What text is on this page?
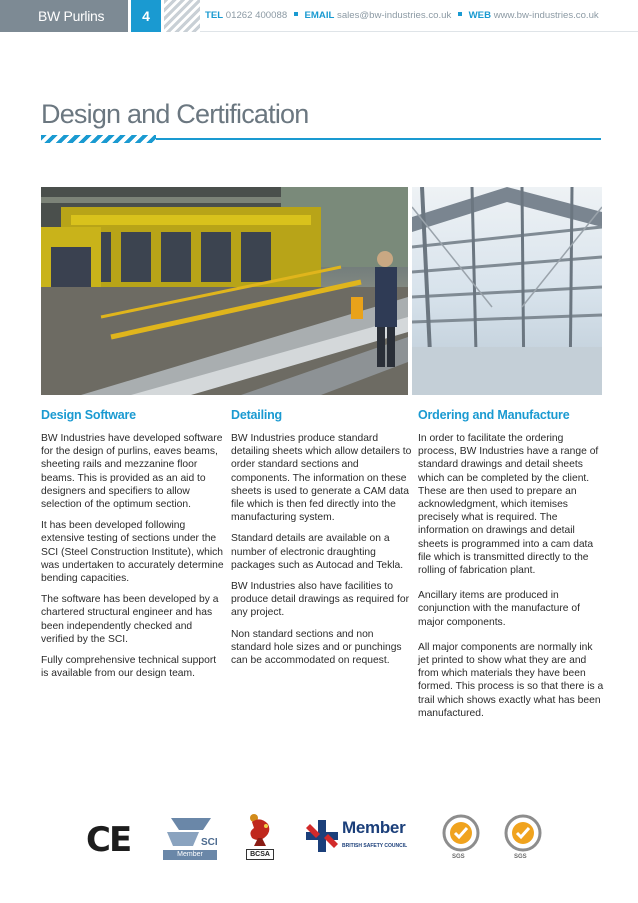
BW Purlins	4	TEL 01262 400088 EMAIL sales@bw-industries.co.uk WEB www.bw-industries.co.uk
Design and Certification
Design Software

BW Industries have developed software for the design of purlins, eaves beams, sheeting rails and mezzanine floor beams. This is provided as an aid to designers and specifiers to allow selection of the optimum section.

It has been developed following extensive testing of sections under the SCI (Steel Construction Institute), which was undertaken to accurately determine bending capacities.

The software has been developed by a chartered structural engineer and has been independently checked and verified by the SCI.

Fully comprehensive technical support is available from our design team.

Detailing

BW Industries produce standard detailing sheets which allow detailers to order standard sections and components. The information on these sheets is used to generate a CAM data file which is then fed directly into the manufacturing system.

Standard details are available on a number of electronic draughting packages such as Autocad and Tekla.

BW Industries also have facilities to produce detail drawings as required for any project.

Non standard sections and non standard hole sizes and or punchings can be accommodated on request.

Ordering and Manufacture

In order to facilitate the ordering process, BW Industries have a range of standard drawings and detail sheets which can be completed by the client. These are then used to prepare an acknowledgment, which itemises precisely what is required. The information on drawings and detail sheets is programmed into a cam data file which is transmitted directly to the rolling of fabrication plant.

Ancillary items are produced in conjunction with the manufacture of major components.

All major components are normally ink jet printed to show what they are and from which materials they have been formed. This process is so that there is a trail which shows exactly what has been manufactured.

CE	SCI
Member	BCSA
Member
BRITISH SAFETY COUNCIL
SGS	SGS
